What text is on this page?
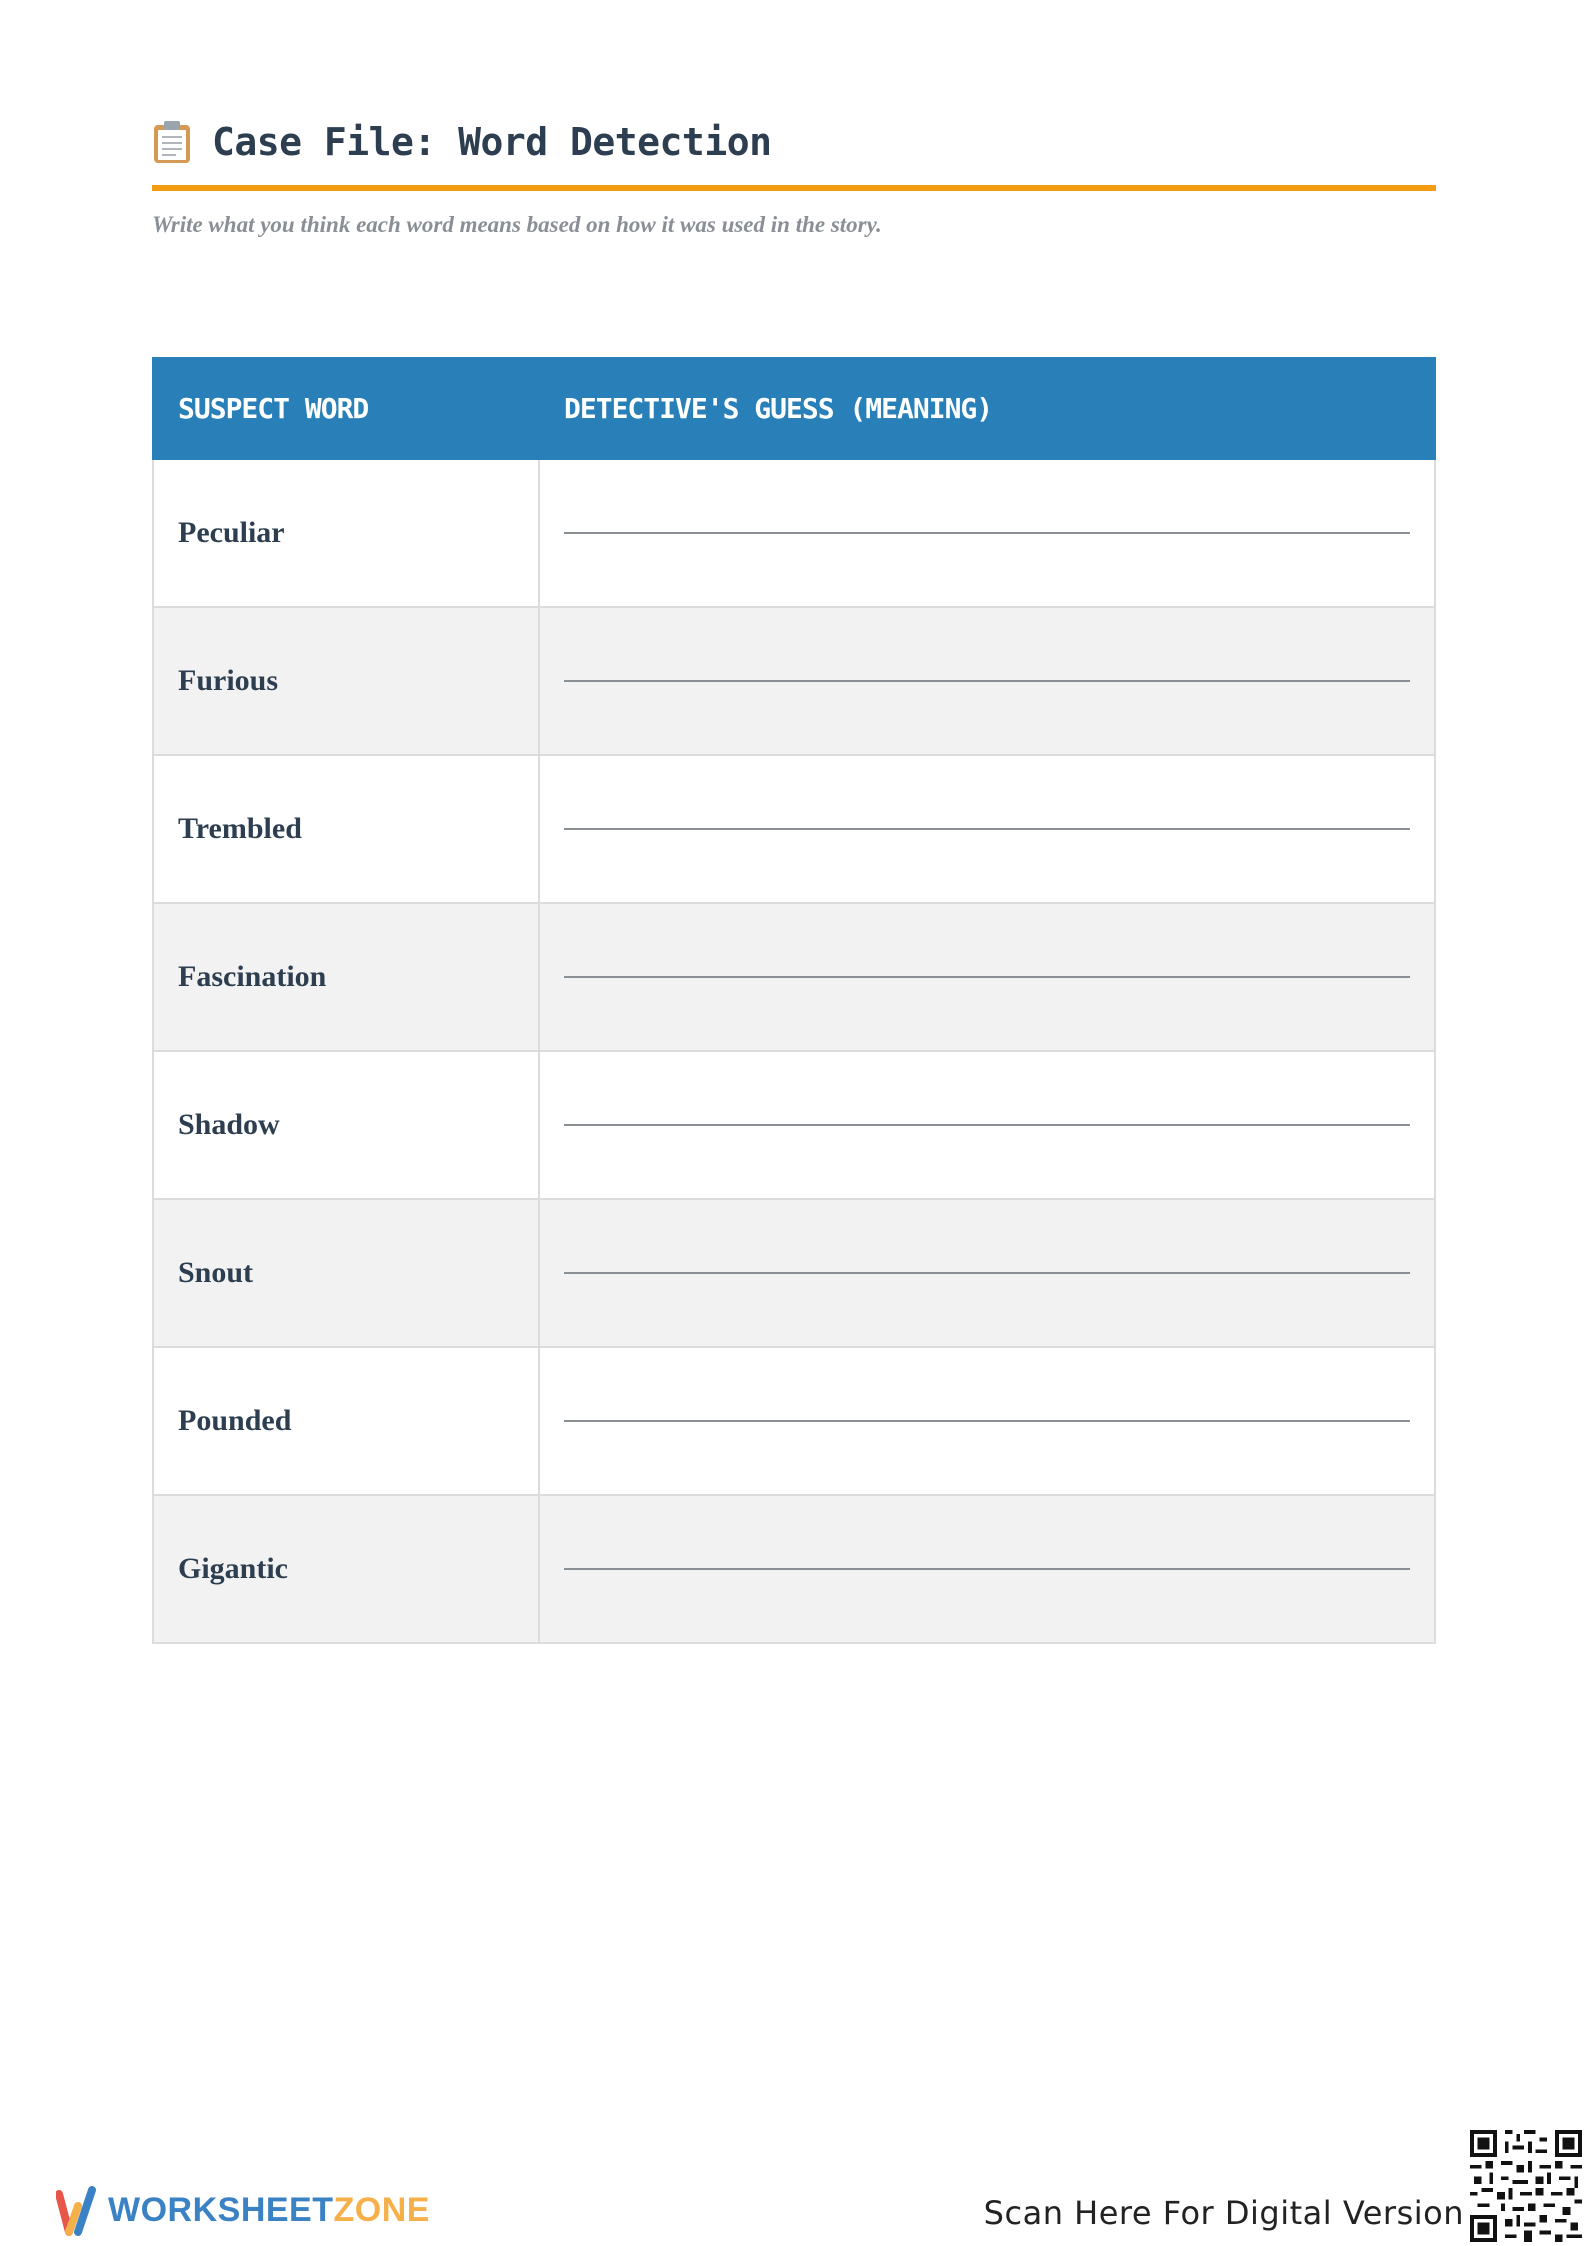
Case File: Word Detection
Write what you think each word means based on how it was used in the story.
SUSPECT WORD	DETECTIVE'S GUESS (MEANING)
Peculiar	

Furious	

Trembled	

Fascination	

Shadow	

Snout	

Pounded	

Gigantic	
WORKSHEETZONE	Scan Here For Digital Version
